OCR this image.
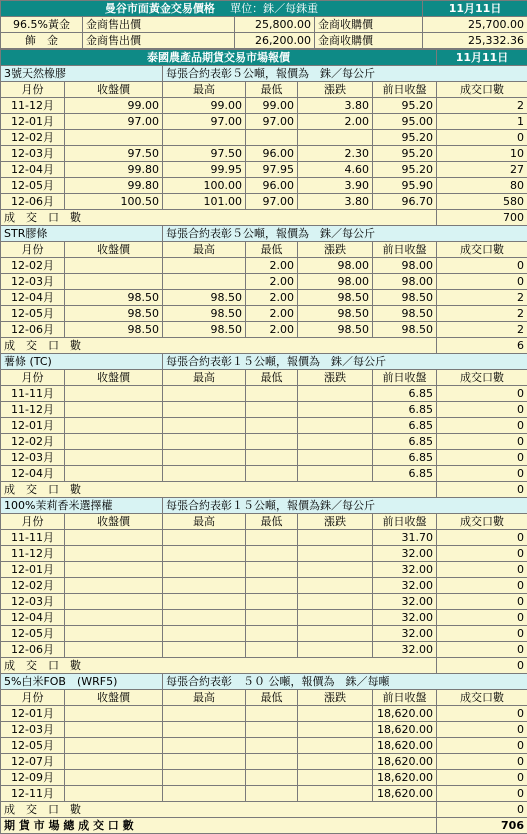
曼谷市面黃金交易價格 單位：銖／每銖重				11月11日
96.5%黃金	金商售出價	25,800.00	金商收購價	25,700.00
飾　金	金商售出價	26,200.00	金商收購價	25,332.36
泰國農產品期貨交易市場報價						11月11日
3號天然橡膠		每張合約表彰５公噸，報價為　銖／每公斤				
月份	收盤價	最高	最低	漲跌	前日收盤	成交口數
11-12月	99.00	99.00	99.00	3.80	95.20	2
12-01月	97.00	97.00	97.00	2.00	95.00	1
12-02月					95.20	0
12-03月	97.50	97.50	96.00	2.30	95.20	10
12-04月	99.80	99.95	97.95	4.60	95.20	27
12-05月	99.80	100.00	96.00	3.90	95.90	80
12-06月	100.50	101.00	97.00	3.80	96.70	580
成　交　口　數						700
STR膠條		每張合約表彰５公噸，報價為　銖／每公斤				
月份	收盤價	最高	最低	漲跌	前日收盤	成交口數
12-02月			2.00	98.00	98.00	0
12-03月			2.00	98.00	98.00	0
12-04月	98.50	98.50	2.00	98.50	98.50	2
12-05月	98.50	98.50	2.00	98.50	98.50	2
12-06月	98.50	98.50	2.00	98.50	98.50	2
成　交　口　數						6
薯條 (TC)		每張合約表彰１５公噸，報價為　銖／每公斤				
月份	收盤價	最高	最低	漲跌	前日收盤	成交口數
11-11月					6.85	0
11-12月					6.85	0
12-01月					6.85	0
12-02月					6.85	0
12-03月					6.85	0
12-04月					6.85	0
成　交　口　數						0
100%茉莉香米選擇權		每張合約表彰１５公噸，報價為銖／每公斤				
月份	收盤價	最高	最低	漲跌	前日收盤	成交口數
11-11月					31.70	0
11-12月					32.00	0
12-01月					32.00	0
12-02月					32.00	0
12-03月					32.00	0
12-04月					32.00	0
12-05月					32.00	0
12-06月					32.00	0
成　交　口　數						0
5%白米FOB　(WRF5)		每張合約表彰　５０ 公噸，報價為　銖／每噸				
月份	收盤價	最高	最低	漲跌	前日收盤	成交口數
12-01月					18,620.00	0
12-03月					18,620.00	0
12-05月					18,620.00	0
12-07月					18,620.00	0
12-09月					18,620.00	0
12-11月					18,620.00	0
成　交　口　數						0
期 貨 市 場 總 成 交 口 數						706
